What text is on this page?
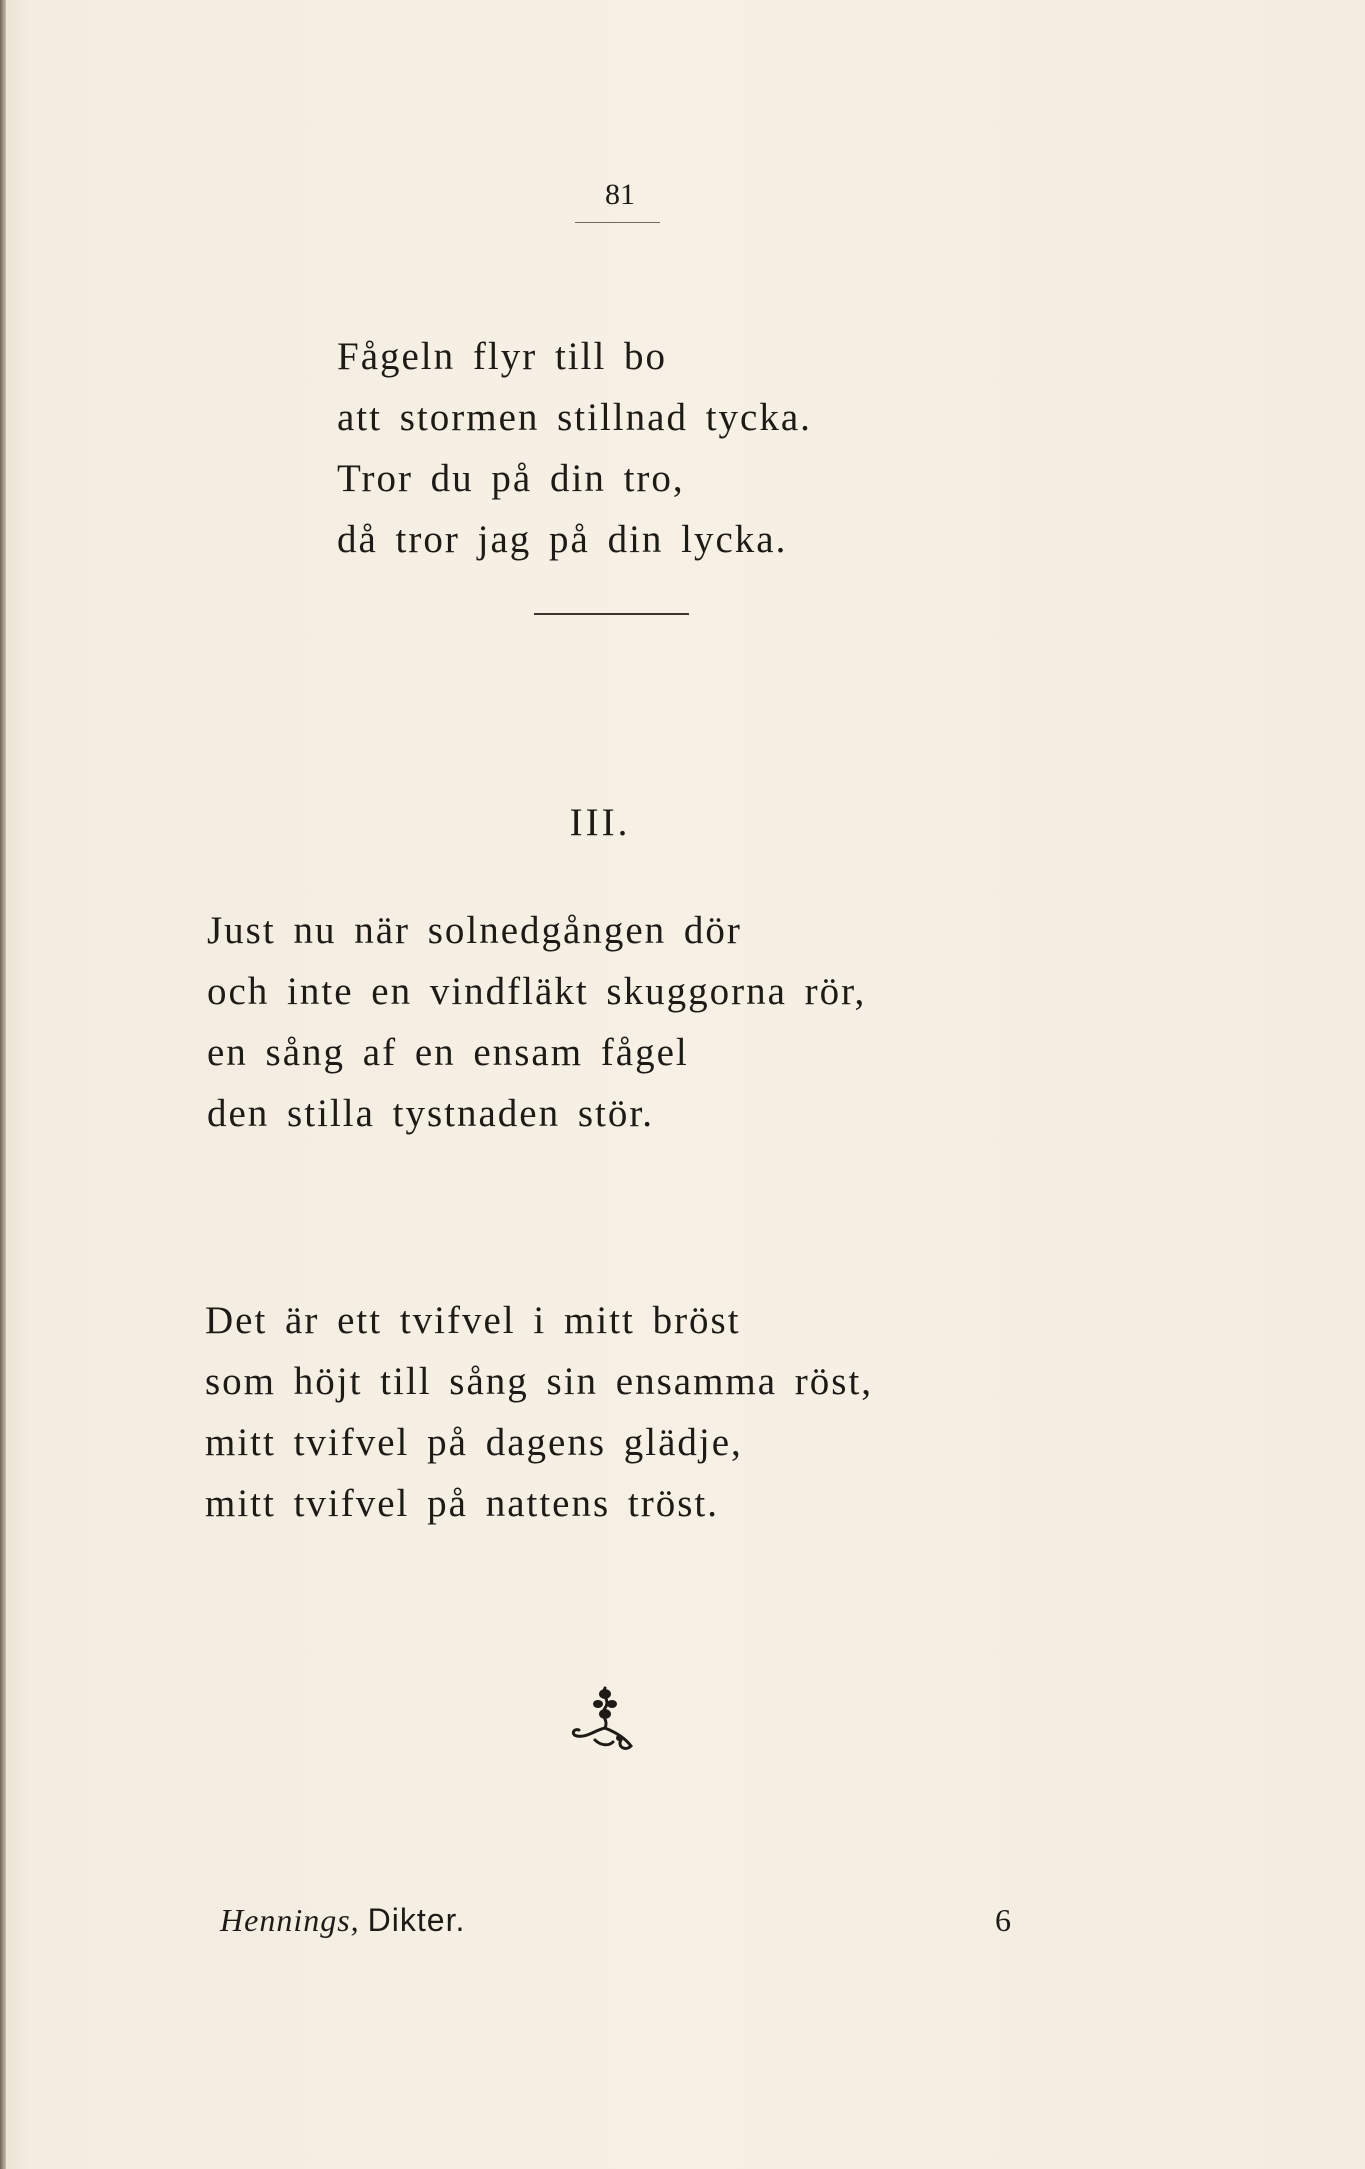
81
Fågeln flyr till bo
att stormen stillnad tycka.
Tror du på din tro,
då tror jag på din lycka.
III.
Just nu när solnedgången dör
och inte en vindfläkt skuggorna rör,
en sång af en ensam fågel
den stilla tystnaden stör.
Det är ett tvifvel i mitt bröst
som höjt till sång sin ensamma röst,
mitt tvifvel på dagens glädje,
mitt tvifvel på nattens tröst.
Hennings, Dikter.	6
